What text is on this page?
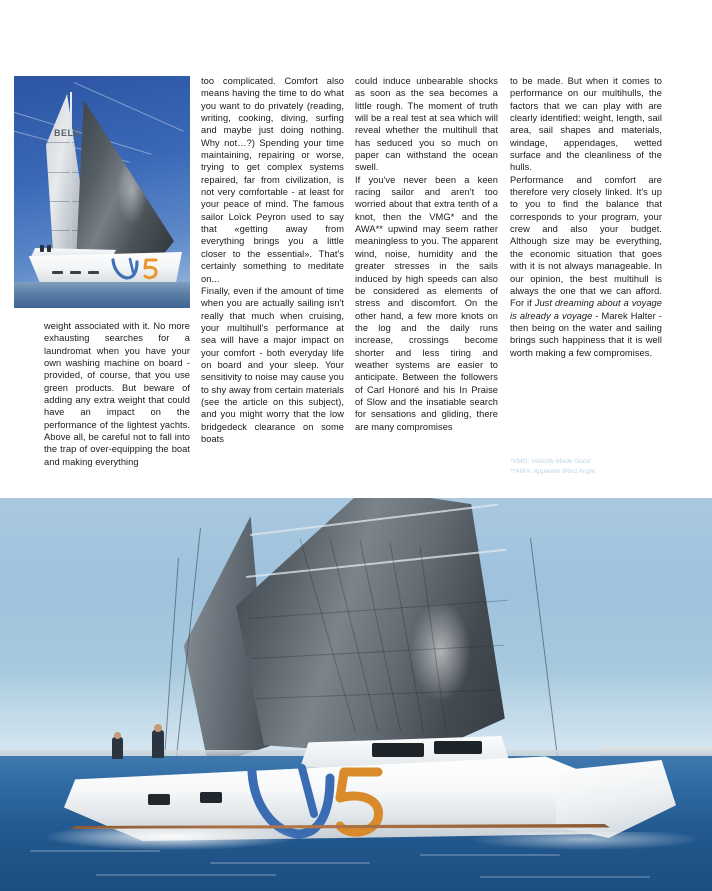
BELE

weight associated with it. No more exhausting searches for a laundromat when you have your own washing machine on board - provided, of course, that you use green products. But beware of adding any extra weight that could have an impact on the performance of the lightest yachts. Above all, be careful not to fall into the trap of over-equipping the boat and making everything

too complicated. Comfort also means having the time to do what you want to do privately (reading, writing, cooking, diving, surfing and maybe just doing nothing. Why not…?) Spending your time maintaining, repairing or worse, trying to get complex systems repaired, far from civilization, is not very comfortable - at least for your peace of mind. The famous sailor Loïck Peyron used to say that «getting away from everything brings you a little closer to the essential». That's certainly something to meditate on...

Finally, even if the amount of time when you are actually sailing isn't really that much when cruising, your multihull's performance at sea will have a major impact on your comfort - both everyday life on board and your sleep. Your sensitivity to noise may cause you to shy away from certain materials (see the article on this subject), and you might worry that the low bridgedeck clearance on some boats

could induce unbearable shocks as soon as the sea becomes a little rough. The moment of truth will be a real test at sea which will reveal whether the multihull that has seduced you so much on paper can withstand the ocean swell.

If you've never been a keen racing sailor and aren't too worried about that extra tenth of a knot, then the VMG* and the AWA** upwind may seem rather meaningless to you. The apparent wind, noise, humidity and the greater stresses in the sails induced by high speeds can also be considered as elements of stress and discomfort. On the other hand, a few more knots on the log and the daily runs increase, crossings become shorter and less tiring and weather systems are easier to anticipate. Between the followers of Carl Honoré and his In Praise of Slow and the insatiable search for sensations and gliding, there are many compromises

to be made. But when it comes to performance on our multihulls, the factors that we can play with are clearly identified: weight, length, sail area, sail shapes and materials, windage, appendages, wetted surface and the cleanliness of the hulls.

Performance and comfort are therefore very closely linked. It's up to you to find the balance that corresponds to your program, your crew and also your budget. Although size may be everything, the economic situation that goes with it is not always manageable. In our opinion, the best multihull is always the one that we can afford. For if Just dreaming about a voyage is already a voyage - Marek Halter - then being on the water and sailing brings such happiness that it is well worth making a few compromises.

*VMG: Velocity Made Good
**AWA: Apparent Wind Angle
